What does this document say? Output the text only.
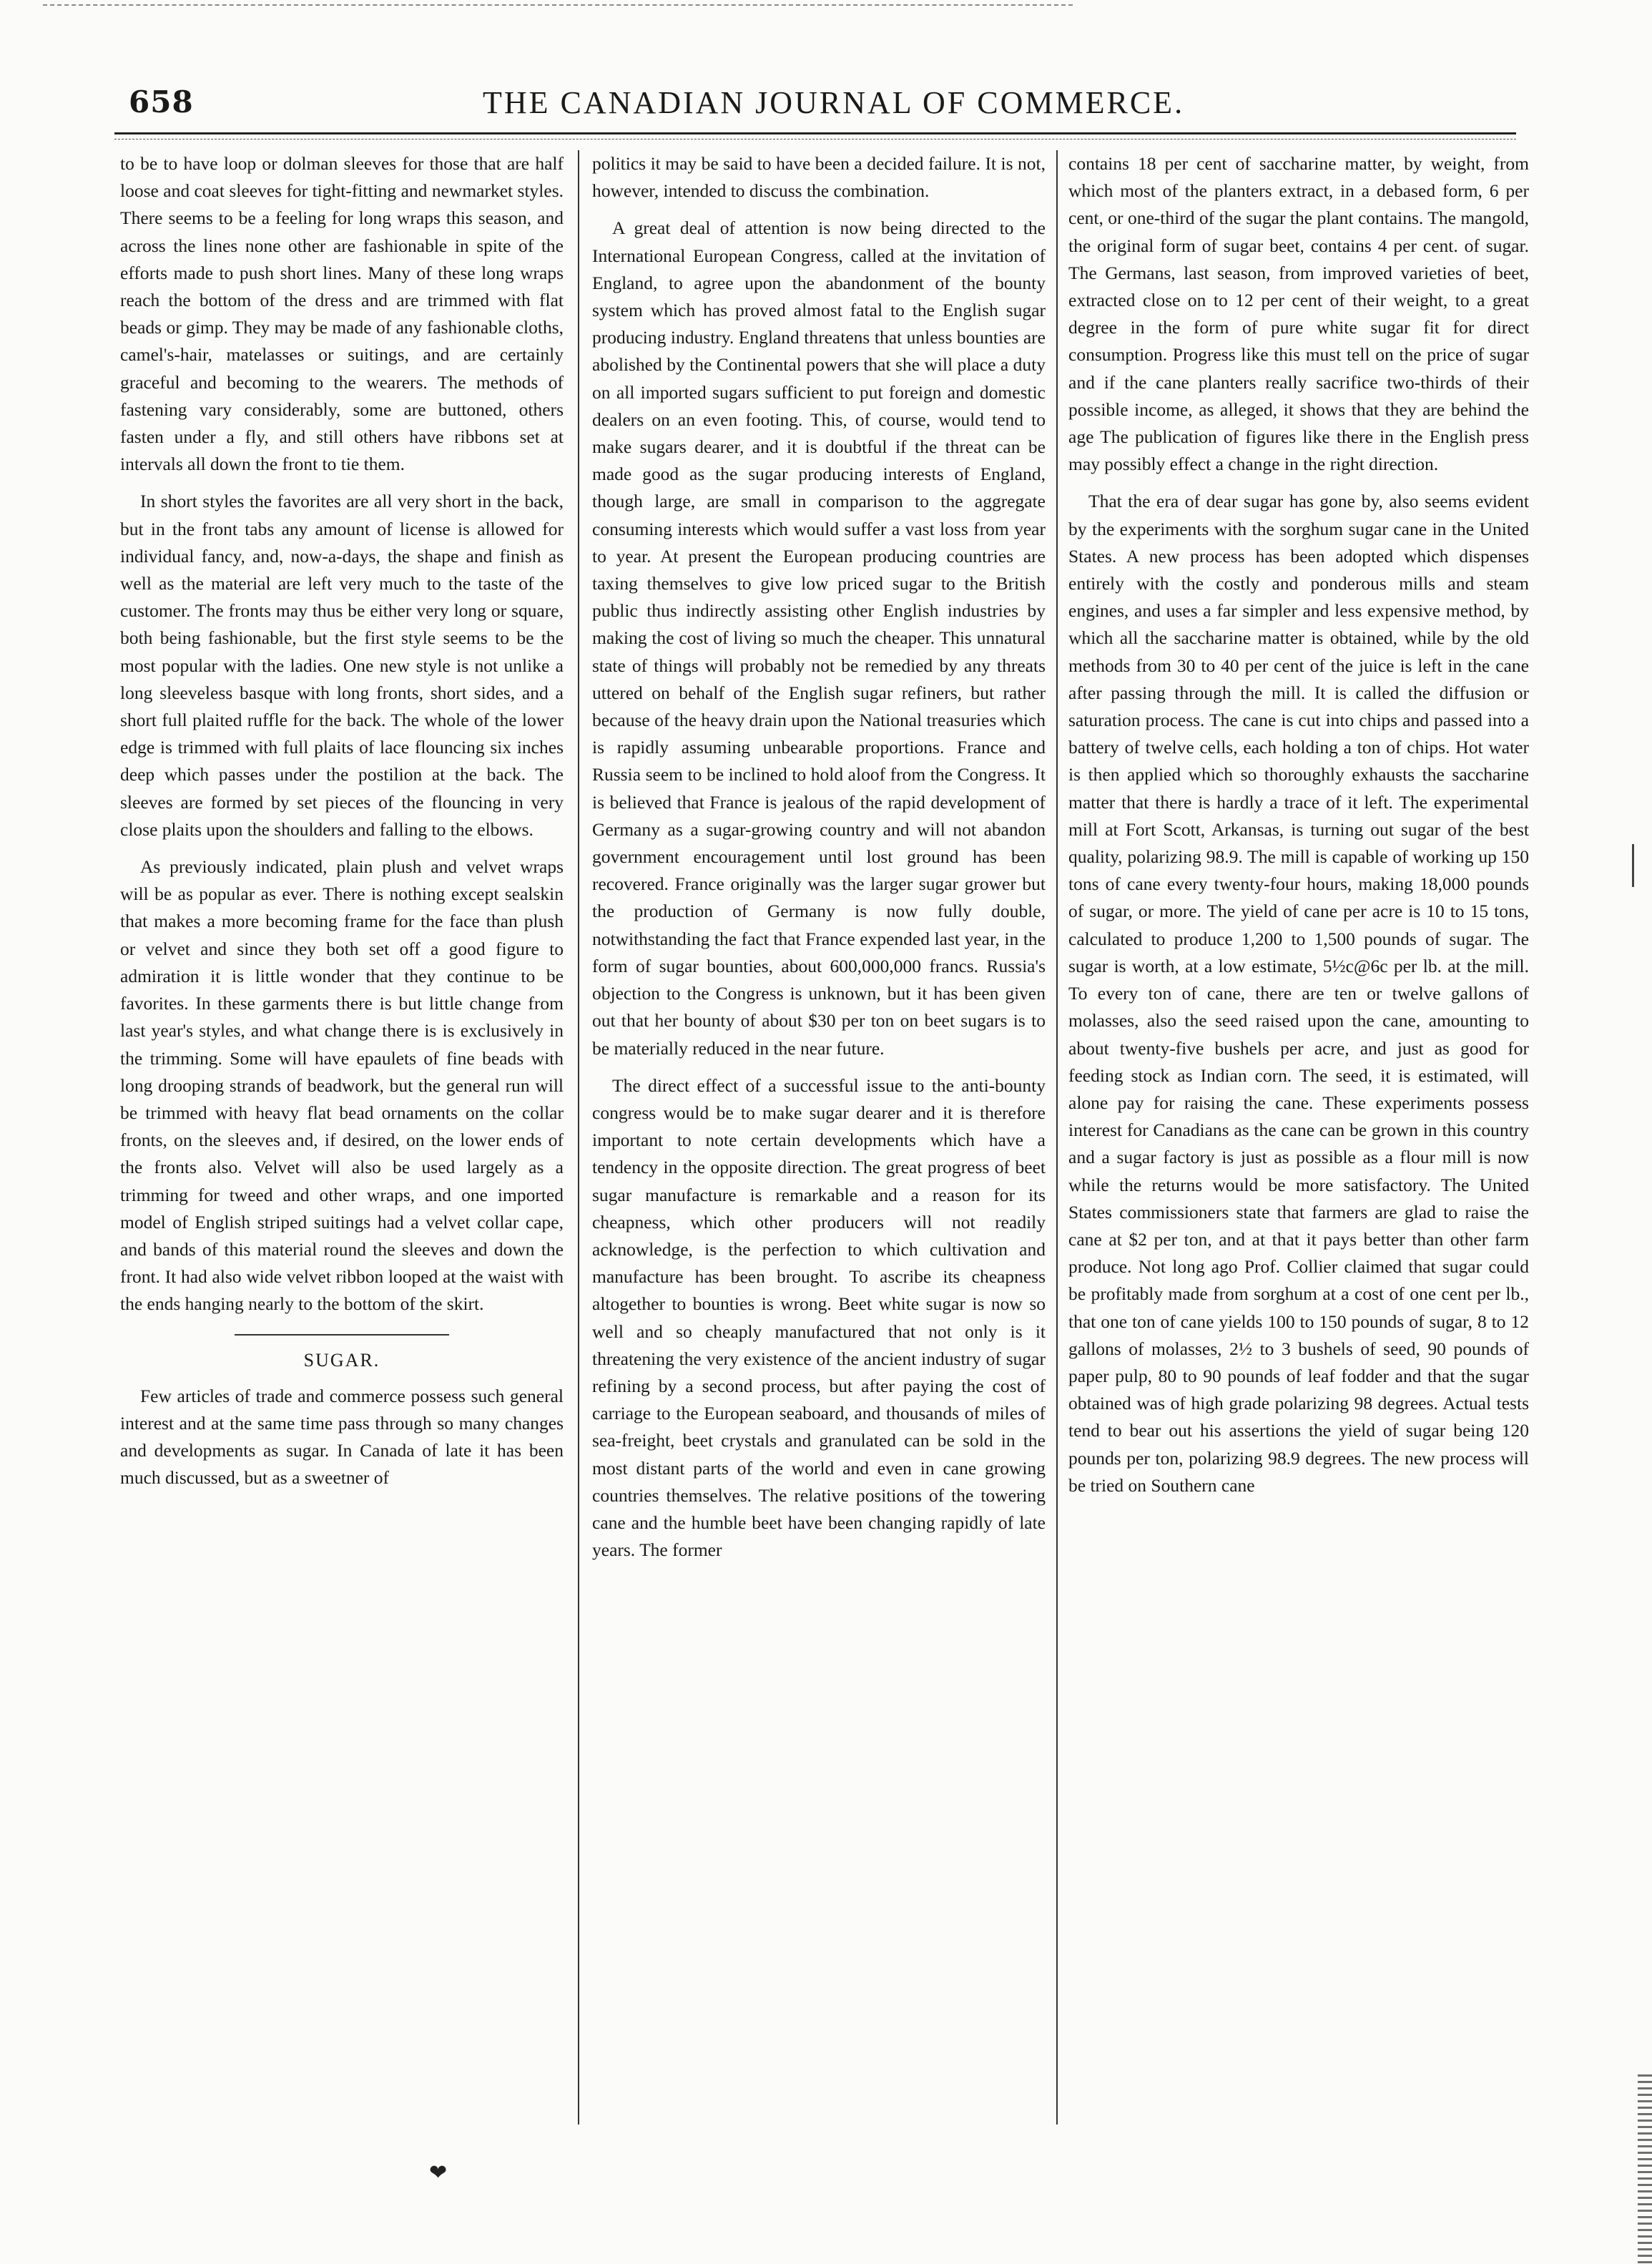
658	THE CANADIAN JOURNAL OF COMMERCE.

to be to have loop or dolman sleeves for those that are half loose and coat sleeves for tight-fitting and newmarket styles. There seems to be a feeling for long wraps this season, and across the lines none other are fashionable in spite of the efforts made to push short lines. Many of these long wraps reach the bottom of the dress and are trimmed with flat beads or gimp. They may be made of any fashionable cloths, camel's-hair, matelasses or suitings, and are certainly graceful and becoming to the wearers. The methods of fastening vary considerably, some are buttoned, others fasten under a fly, and still others have ribbons set at intervals all down the front to tie them.

In short styles the favorites are all very short in the back, but in the front tabs any amount of license is allowed for individual fancy, and, now-a-days, the shape and finish as well as the material are left very much to the taste of the customer. The fronts may thus be either very long or square, both being fashionable, but the first style seems to be the most popular with the ladies. One new style is not unlike a long sleeveless basque with long fronts, short sides, and a short full plaited ruffle for the back. The whole of the lower edge is trimmed with full plaits of lace flouncing six inches deep which passes under the postilion at the back. The sleeves are formed by set pieces of the flouncing in very close plaits upon the shoulders and falling to the elbows.

As previously indicated, plain plush and velvet wraps will be as popular as ever. There is nothing except sealskin that makes a more becoming frame for the face than plush or velvet and since they both set off a good figure to admiration it is little wonder that they continue to be favorites. In these garments there is but little change from last year's styles, and what change there is is exclusively in the trimming. Some will have epaulets of fine beads with long drooping strands of beadwork, but the general run will be trimmed with heavy flat bead ornaments on the collar fronts, on the sleeves and, if desired, on the lower ends of the fronts also. Velvet will also be used largely as a trimming for tweed and other wraps, and one imported model of English striped suitings had a velvet collar cape, and bands of this material round the sleeves and down the front. It had also wide velvet ribbon looped at the waist with the ends hanging nearly to the bottom of the skirt.

SUGAR.

Few articles of trade and commerce possess such general interest and at the same time pass through so many changes and developments as sugar. In Canada of late it has been much discussed, but as a sweetner of

politics it may be said to have been a decided failure. It is not, however, intended to discuss the combination.

A great deal of attention is now being directed to the International European Congress, called at the invitation of England, to agree upon the abandonment of the bounty system which has proved almost fatal to the English sugar producing industry. England threatens that unless bounties are abolished by the Continental powers that she will place a duty on all imported sugars sufficient to put foreign and domestic dealers on an even footing. This, of course, would tend to make sugars dearer, and it is doubtful if the threat can be made good as the sugar producing interests of England, though large, are small in comparison to the aggregate consuming interests which would suffer a vast loss from year to year. At present the European producing countries are taxing themselves to give low priced sugar to the British public thus indirectly assisting other English industries by making the cost of living so much the cheaper. This unnatural state of things will probably not be remedied by any threats uttered on behalf of the English sugar refiners, but rather because of the heavy drain upon the National treasuries which is rapidly assuming unbearable proportions. France and Russia seem to be inclined to hold aloof from the Congress. It is believed that France is jealous of the rapid development of Germany as a sugar-growing country and will not abandon government encouragement until lost ground has been recovered. France originally was the larger sugar grower but the production of Germany is now fully double, notwithstanding the fact that France expended last year, in the form of sugar bounties, about 600,000,000 francs. Russia's objection to the Congress is unknown, but it has been given out that her bounty of about $30 per ton on beet sugars is to be materially reduced in the near future.

The direct effect of a successful issue to the anti-bounty congress would be to make sugar dearer and it is therefore important to note certain developments which have a tendency in the opposite direction. The great progress of beet sugar manufacture is remarkable and a reason for its cheapness, which other producers will not readily acknowledge, is the perfection to which cultivation and manufacture has been brought. To ascribe its cheapness altogether to bounties is wrong. Beet white sugar is now so well and so cheaply manufactured that not only is it threatening the very existence of the ancient industry of sugar refining by a second process, but after paying the cost of carriage to the European seaboard, and thousands of miles of sea-freight, beet crystals and granulated can be sold in the most distant parts of the world and even in cane growing countries themselves. The relative positions of the towering cane and the humble beet have been changing rapidly of late years. The former

contains 18 per cent of saccharine matter, by weight, from which most of the planters extract, in a debased form, 6 per cent, or one-third of the sugar the plant contains. The mangold, the original form of sugar beet, contains 4 per cent. of sugar. The Germans, last season, from improved varieties of beet, extracted close on to 12 per cent of their weight, to a great degree in the form of pure white sugar fit for direct consumption. Progress like this must tell on the price of sugar and if the cane planters really sacrifice two-thirds of their possible income, as alleged, it shows that they are behind the age The publication of figures like there in the English press may possibly effect a change in the right direction.

That the era of dear sugar has gone by, also seems evident by the experiments with the sorghum sugar cane in the United States. A new process has been adopted which dispenses entirely with the costly and ponderous mills and steam engines, and uses a far simpler and less expensive method, by which all the saccharine matter is obtained, while by the old methods from 30 to 40 per cent of the juice is left in the cane after passing through the mill. It is called the diffusion or saturation process. The cane is cut into chips and passed into a battery of twelve cells, each holding a ton of chips. Hot water is then applied which so thoroughly exhausts the saccharine matter that there is hardly a trace of it left. The experimental mill at Fort Scott, Arkansas, is turning out sugar of the best quality, polarizing 98.9. The mill is capable of working up 150 tons of cane every twenty-four hours, making 18,000 pounds of sugar, or more. The yield of cane per acre is 10 to 15 tons, calculated to produce 1,200 to 1,500 pounds of sugar. The sugar is worth, at a low estimate, 5½c@6c per lb. at the mill. To every ton of cane, there are ten or twelve gallons of molasses, also the seed raised upon the cane, amounting to about twenty-five bushels per acre, and just as good for feeding stock as Indian corn. The seed, it is estimated, will alone pay for raising the cane. These experiments possess interest for Canadians as the cane can be grown in this country and a sugar factory is just as possible as a flour mill is now while the returns would be more satisfactory. The United States commissioners state that farmers are glad to raise the cane at $2 per ton, and at that it pays better than other farm produce. Not long ago Prof. Collier claimed that sugar could be profitably made from sorghum at a cost of one cent per lb., that one ton of cane yields 100 to 150 pounds of sugar, 8 to 12 gallons of molasses, 2½ to 3 bushels of seed, 90 pounds of paper pulp, 80 to 90 pounds of leaf fodder and that the sugar obtained was of high grade polarizing 98 degrees. Actual tests tend to bear out his assertions the yield of sugar being 120 pounds per ton, polarizing 98.9 degrees. The new process will be tried on Southern cane

❤
